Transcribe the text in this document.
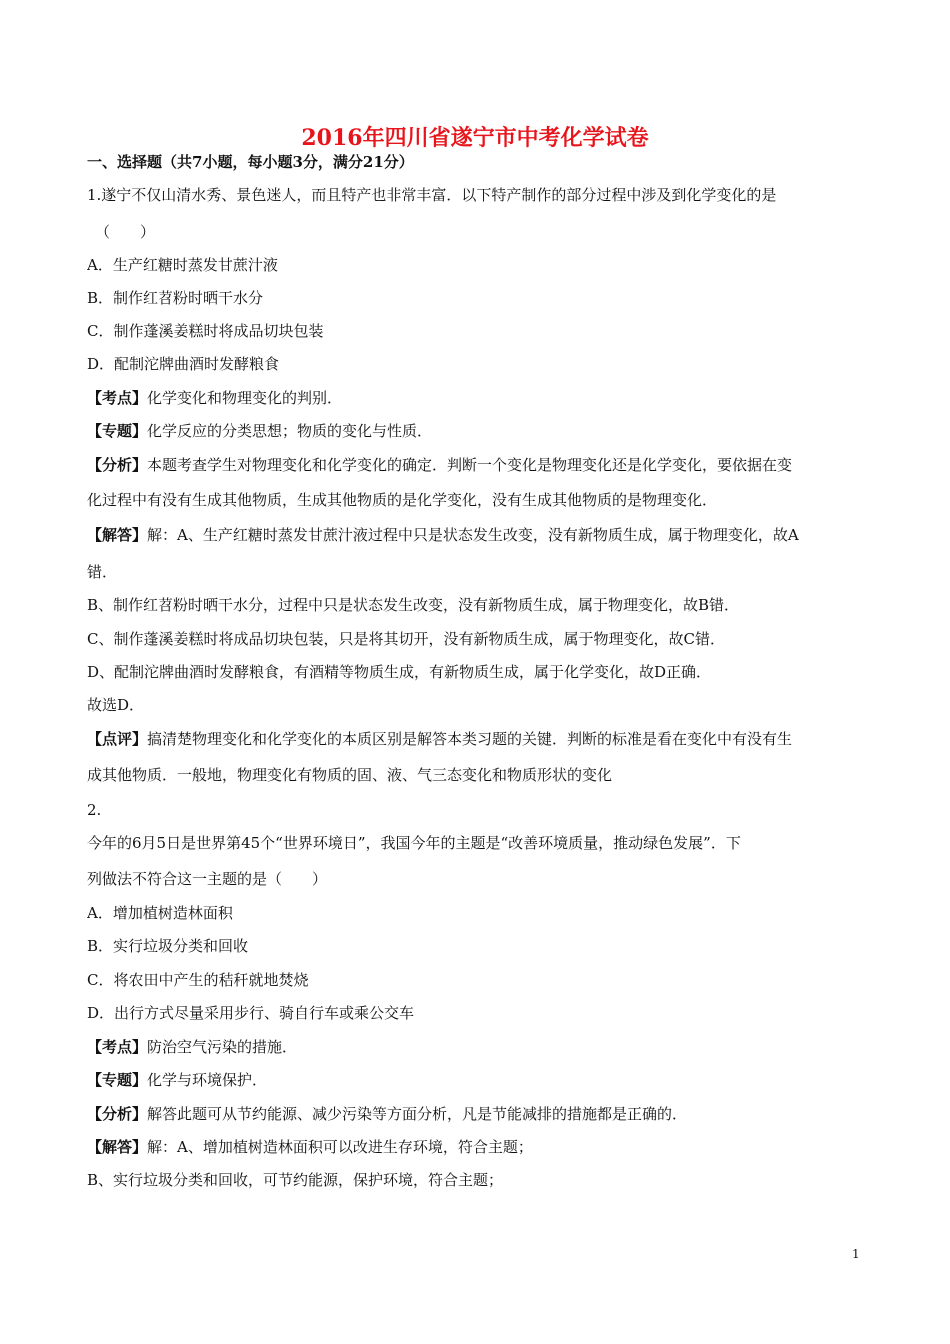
2016年四川省遂宁市中考化学试卷
一、选择题（共7小题，每小题3分，满分21分）
1.遂宁不仅山清水秀、景色迷人，而且特产也非常丰富．以下特产制作的部分过程中涉及到化学变化的是
（　　）
A．生产红糖时蒸发甘蔗汁液
B．制作红苕粉时晒干水分
C．制作蓬溪姜糕时将成品切块包装
D．配制沱牌曲酒时发酵粮食
【考点】化学变化和物理变化的判别．
【专题】化学反应的分类思想；物质的变化与性质．
【分析】本题考查学生对物理变化和化学变化的确定．判断一个变化是物理变化还是化学变化，要依据在变
化过程中有没有生成其他物质，生成其他物质的是化学变化，没有生成其他物质的是物理变化．
【解答】解：A、生产红糖时蒸发甘蔗汁液过程中只是状态发生改变，没有新物质生成，属于物理变化，故A
错．
B、制作红苕粉时晒干水分，过程中只是状态发生改变，没有新物质生成，属于物理变化，故B错．
C、制作蓬溪姜糕时将成品切块包装，只是将其切开，没有新物质生成，属于物理变化，故C错．
D、配制沱牌曲酒时发酵粮食，有酒精等物质生成，有新物质生成，属于化学变化，故D正确．
故选D．
【点评】搞清楚物理变化和化学变化的本质区别是解答本类习题的关键．判断的标准是看在变化中有没有生
成其他物质．一般地，物理变化有物质的固、液、气三态变化和物质形状的变化
2.
今年的6月5日是世界第45个“世界环境日”，我国今年的主题是“改善环境质量，推动绿色发展”．下
列做法不符合这一主题的是（　　）
A．增加植树造林面积
B．实行垃圾分类和回收
C．将农田中产生的秸秆就地焚烧
D．出行方式尽量采用步行、骑自行车或乘公交车
【考点】防治空气污染的措施．
【专题】化学与环境保护．
【分析】解答此题可从节约能源、减少污染等方面分析，凡是节能减排的措施都是正确的．
【解答】解：A、增加植树造林面积可以改进生存环境，符合主题；
B、实行垃圾分类和回收，可节约能源，保护环境，符合主题；
1
